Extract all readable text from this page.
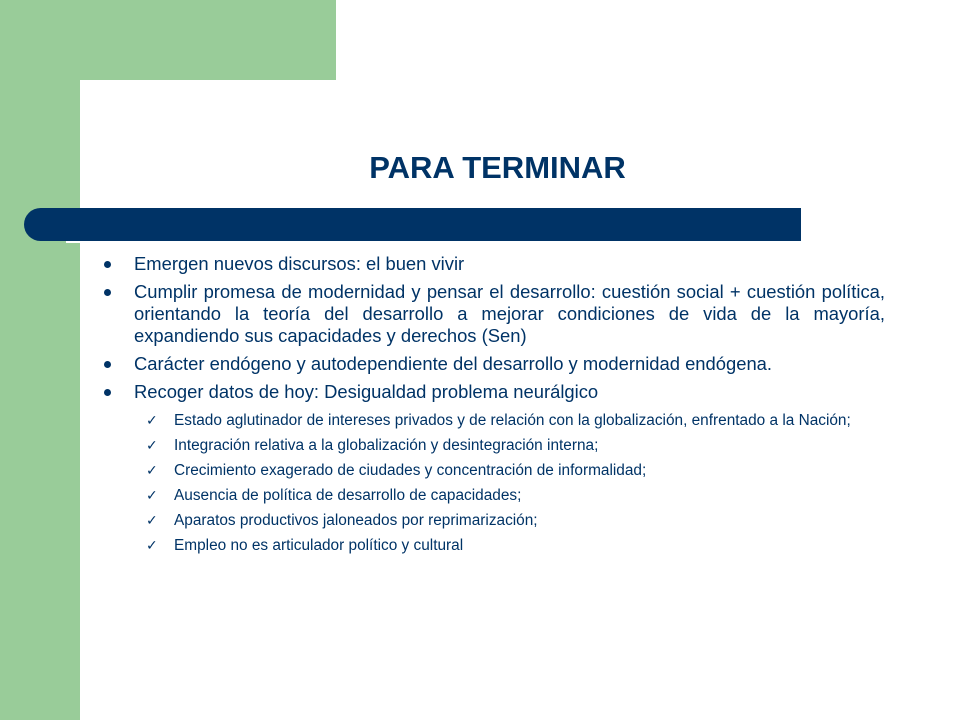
PARA TERMINAR
Emergen nuevos discursos: el buen vivir
Cumplir promesa de modernidad y pensar el desarrollo: cuestión social + cuestión política, orientando la teoría del desarrollo a mejorar condiciones de vida de la mayoría, expandiendo sus capacidades y derechos (Sen)
Carácter endógeno y autodependiente del desarrollo y modernidad endógena.
Recoger datos de hoy: Desigualdad problema neurálgico
✓ Estado aglutinador de intereses privados y de relación con la globalización, enfrentado a la Nación;
✓ Integración relativa a la globalización y desintegración interna;
✓ Crecimiento exagerado de ciudades y concentración de informalidad;
✓ Ausencia de política de desarrollo de capacidades;
✓ Aparatos productivos jaloneados por reprimarización;
✓ Empleo no es articulador político y cultural
